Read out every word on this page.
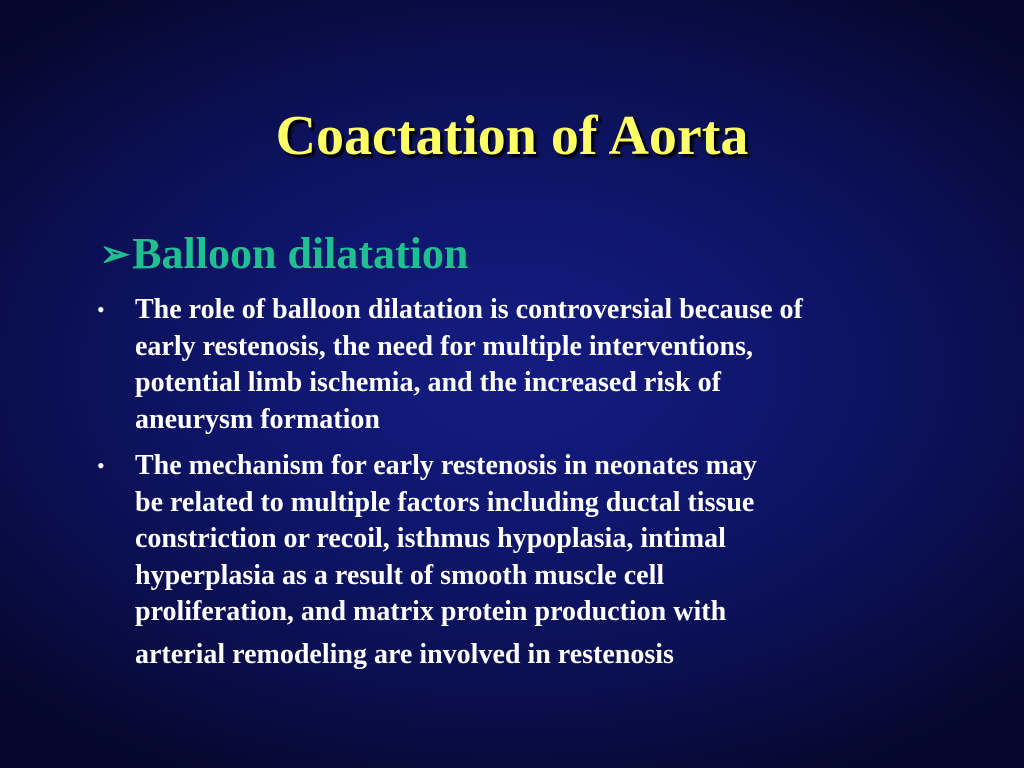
Coactation of Aorta
➢Balloon dilatation
• The role of balloon dilatation is controversial because of
early restenosis, the need for multiple interventions,
potential limb ischemia, and the increased risk of
aneurysm formation
• The mechanism for early restenosis in neonates may
be related to multiple factors including ductal tissue
constriction or recoil, isthmus hypoplasia, intimal
hyperplasia as a result of smooth muscle cell
proliferation, and matrix protein production with
arterial remodeling are involved in restenosis
